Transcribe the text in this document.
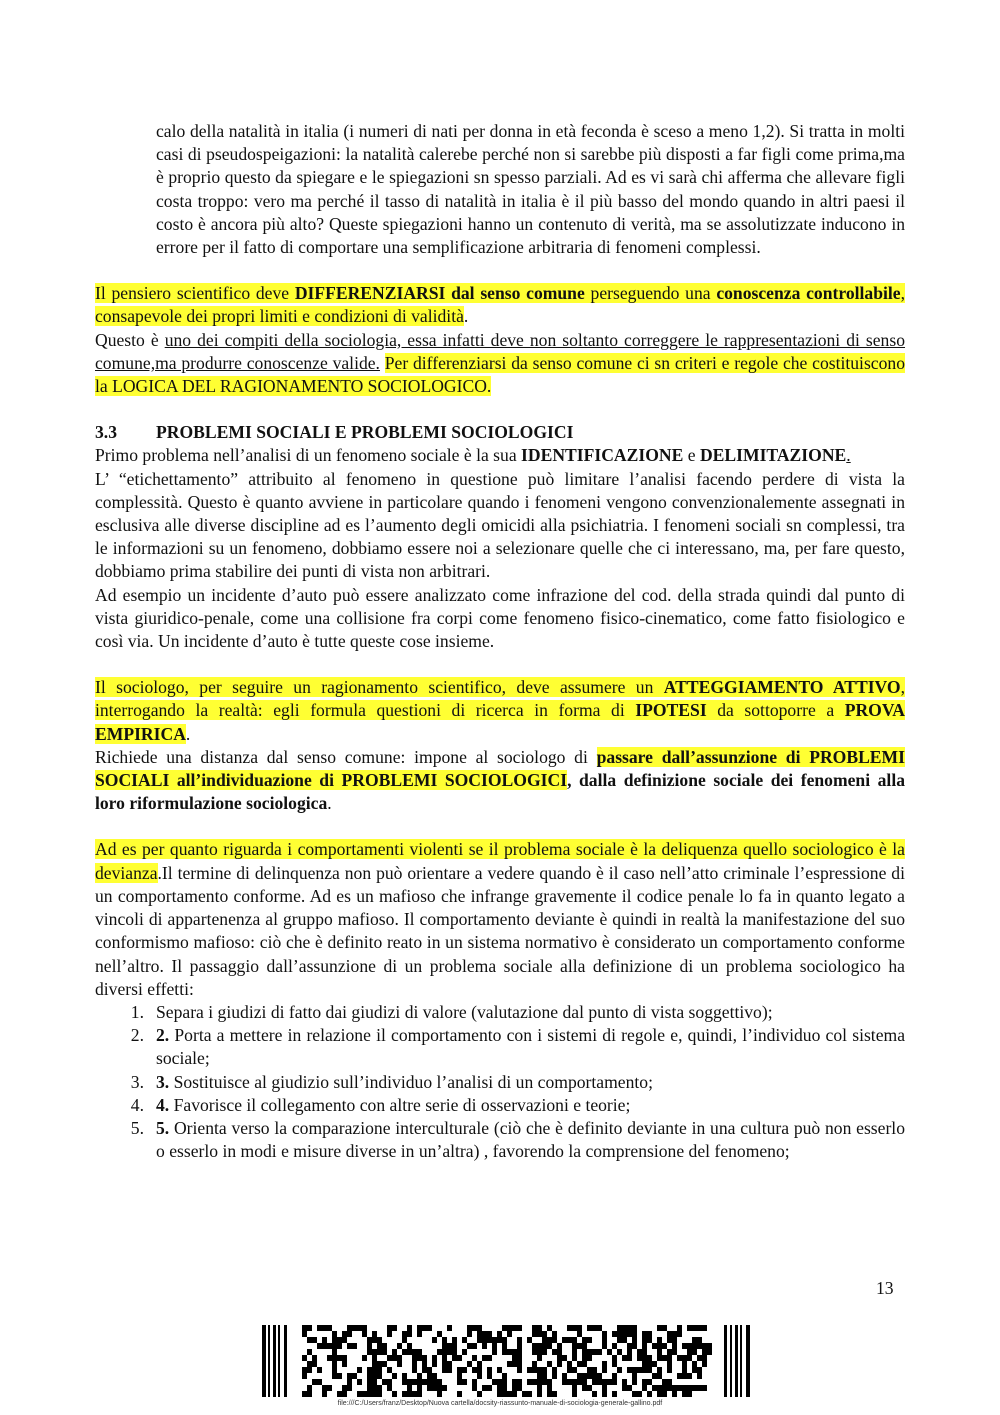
calo della natalità in italia (i numeri di nati per donna in età feconda è sceso a meno 1,2). Si tratta in molti casi di pseudospeigazioni: la natalità calerebe perché non si sarebbe più disposti a far figli come prima,ma è proprio questo da spiegare e le spiegazioni sn spesso parziali. Ad es vi sarà chi afferma che allevare figli costa troppo: vero ma perché il tasso di natalità in italia è il più basso del mondo quando in altri paesi il costo è ancora più alto? Queste spiegazioni hanno un contenuto di verità, ma se assolutizzate inducono in errore per il fatto di comportare una semplificazione arbitraria di fenomeni complessi.

Il pensiero scientifico deve DIFFERENZIARSI dal senso comune perseguendo una conoscenza controllabile, consapevole dei propri limiti e condizioni di validità.

Questo è uno dei compiti della sociologia, essa infatti deve non soltanto correggere le rappresentazioni di senso comune,ma produrre conoscenze valide. Per differenziarsi da senso comune ci sn criteri e regole che costituiscono la LOGICA DEL RAGIONAMENTO SOCIOLOGICO.

3.3	PROBLEMI SOCIALI E PROBLEMI SOCIOLOGICI

Primo problema nell’analisi di un fenomeno sociale è la sua IDENTIFICAZIONE e DELIMITAZIONE.

L’ “etichettamento” attribuito al fenomeno in questione può limitare l’analisi facendo perdere di vista la complessità. Questo è quanto avviene in particolare quando i fenomeni vengono convenzionalemente assegnati in esclusiva alle diverse discipline ad es l’aumento degli omicidi alla psichiatria. I fenomeni sociali sn complessi, tra le informazioni su un fenomeno, dobbiamo essere noi a selezionare quelle che ci interessano, ma, per fare questo, dobbiamo prima stabilire dei punti di vista non arbitrari.

Ad esempio un incidente d’auto può essere analizzato come infrazione del cod. della strada quindi dal punto di vista giuridico-penale, come una collisione fra corpi come fenomeno fisico-cinematico, come fatto fisiologico e così via. Un incidente d’auto è tutte queste cose insieme.

Il sociologo, per seguire un ragionamento scientifico, deve assumere un ATTEGGIAMENTO ATTIVO, interrogando la realtà: egli formula questioni di ricerca in forma di IPOTESI da sottoporre a PROVA EMPIRICA.

Richiede una distanza dal senso comune: impone al sociologo di passare dall’assunzione di PROBLEMI SOCIALI all’individuazione di PROBLEMI SOCIOLOGICI, dalla definizione sociale dei fenomeni alla loro riformulazione sociologica.

Ad es per quanto riguarda i comportamenti violenti se il problema sociale è la deliquenza quello sociologico è la devianza.Il termine di delinquenza non può orientare a vedere quando è il caso nell’atto criminale l’espressione di un comportamento conforme. Ad es un mafioso che infrange gravemente il codice penale lo fa in quanto legato a vincoli di appartenenza al gruppo mafioso. Il comportamento deviante è quindi in realtà la manifestazione del suo conformismo mafioso: ciò che è definito reato in un sistema normativo è considerato un comportamento conforme nell’altro. Il passaggio dall’assunzione di un problema sociale alla definizione di un problema sociologico ha diversi effetti:

1. Separa i giudizi di fatto dai giudizi di valore (valutazione dal punto di vista soggettivo);
2. 2. Porta a mettere in relazione il comportamento con i sistemi di regole e, quindi, l’individuo col sistema sociale;
3. 3. Sostituisce al giudizio sull’individuo l’analisi di un comportamento;
4. 4. Favorisce il collegamento con altre serie di osservazioni e teorie;
5. 5. Orienta verso la comparazione interculturale (ciò che è definito deviante in una cultura può non esserlo o esserlo in modi e misure diverse in un’altra) , favorendo la comprensione del fenomeno;
13
file:///C:/Users/franz/Desktop/Nuova cartella/docsity-riassunto-manuale-di-sociologia-generale-gallino.pdf
